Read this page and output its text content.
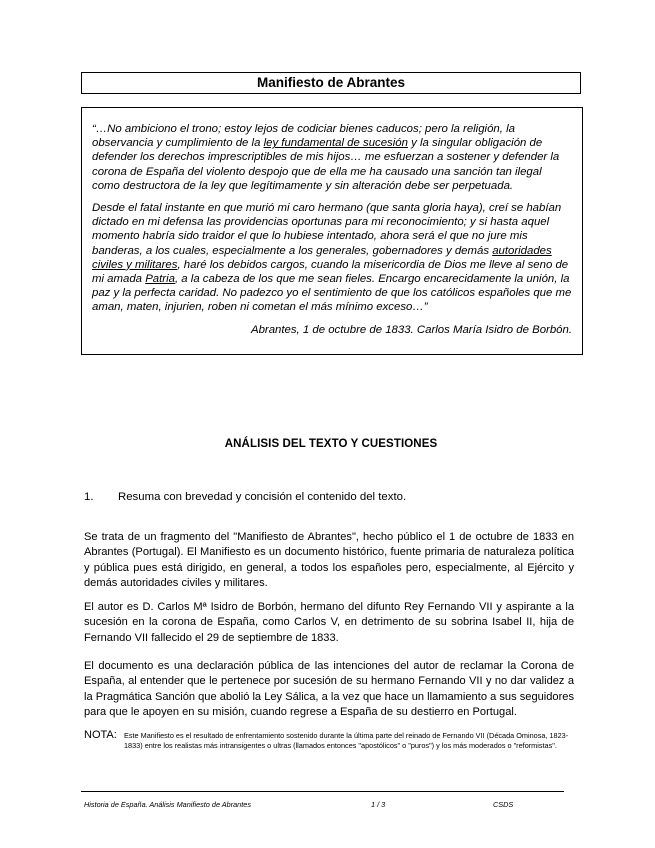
Manifiesto de Abrantes

“…No ambiciono el trono; estoy lejos de codiciar bienes caducos; pero la religión, la observancia y cumplimiento de la ley fundamental de sucesión y la singular obligación de defender los derechos imprescriptibles de mis hijos… me esfuerzan a sostener y defender la corona de España del violento despojo que de ella me ha causado una sanción tan ilegal como destructora de la ley que legítimamente y sin alteración debe ser perpetuada.

Desde el fatal instante en que murió mi caro hermano (que santa gloria haya), creí se habían dictado en mi defensa las providencias oportunas para mi reconocimiento; y si hasta aquel momento habría sido traidor el que lo hubiese intentado, ahora será el que no jure mis banderas, a los cuales, especialmente a los generales, gobernadores y demás autoridades civiles y militares, haré los debidos cargos, cuando la misericordia de Dios me lleve al seno de mi amada Patria, a la cabeza de los que me sean fieles. Encargo encarecidamente la unión, la paz y la perfecta caridad. No padezco yo el sentimiento de que los católicos españoles que me aman, maten, injurien, roben ni cometan el más mínimo exceso…”

Abrantes, 1 de octubre de 1833. Carlos María Isidro de Borbón.

ANÁLISIS DEL TEXTO Y CUESTIONES
1. Resuma con brevedad y concisión el contenido del texto.
Se trata de un fragmento del "Manifiesto de Abrantes", hecho público el 1 de octubre de 1833 en Abrantes (Portugal). El Manifiesto es un documento histórico, fuente primaria de naturaleza política y pública pues está dirigido, en general, a todos los españoles pero, especialmente, al Ejército y demás autoridades civiles y militares.
El autor es D. Carlos Mª Isidro de Borbón, hermano del difunto Rey Fernando VII y aspirante a la sucesión en la corona de España, como Carlos V, en detrimento de su sobrina Isabel II, hija de Fernando VII fallecido el 29 de septiembre de 1833.
El documento es una declaración pública de las intenciones del autor de reclamar la Corona de España, al entender que le pertenece por sucesión de su hermano Fernando VII y no dar validez a la Pragmática Sanción que abolió la Ley Sálica, a la vez que hace un llamamiento a sus seguidores para que le apoyen en su misión, cuando regrese a España de su destierro en Portugal.
NOTA: Este Manifiesto es el resultado de enfrentamiento sostenido durante la última parte del reinado de Fernando VII (Década Ominosa, 1823-1833) entre los realistas más intransigentes o ultras (llamados entonces "apostólicos" o "puros") y los más moderados o "reformistas".
Historia de España. Análisis Manifiesto de Abrantes	1 / 3	CSDS
